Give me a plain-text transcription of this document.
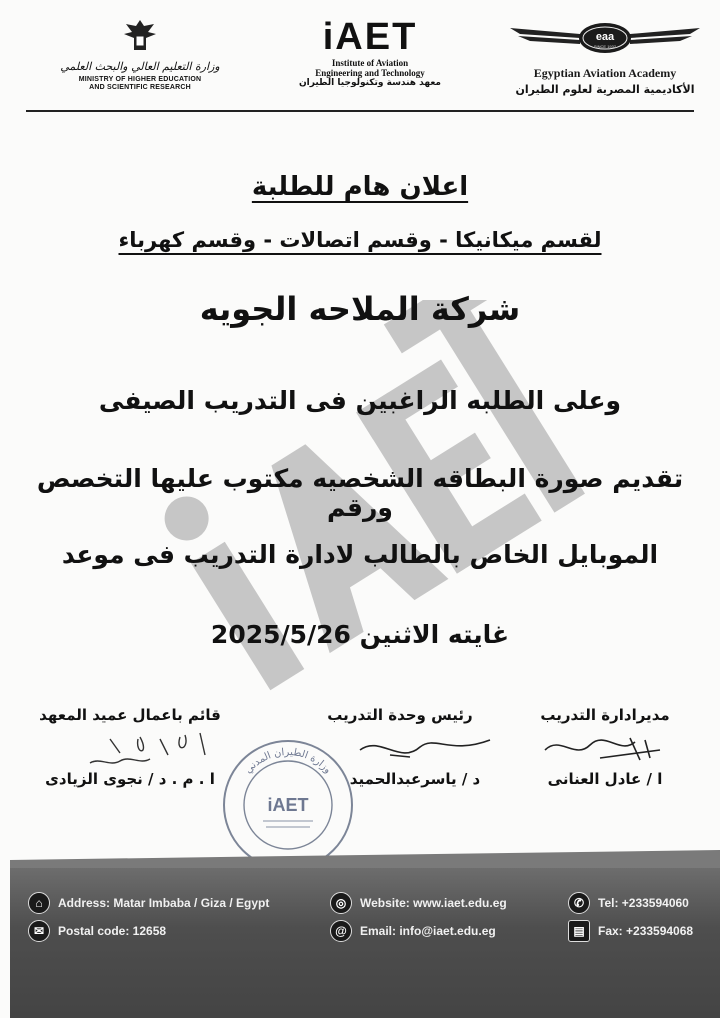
وزارة التعليم العالي والبحث العلمي
MINISTRY OF HIGHER EDUCATION
AND SCIENTIFIC RESEARCH
iAET
Institute of Aviation
Engineering and Technology
معهد هندسة وتكنولوجيا الطيران
eaa
SINCE 1932
Egyptian Aviation Academy
الأكاديمية المصرية لعلوم الطيران
اعلان هام للطلبة
لقسم ميكانيكا - وقسم اتصالات - وقسم كهرباء
شركة الملاحه الجويه
وعلى الطلبه الراغبين فى التدريب الصيفى
تقديم صورة البطاقه الشخصيه مكتوب عليها التخصص ورقم
الموبايل الخاص بالطالب لادارة التدريب فى موعد
غايته الاثنين 2025/5/26
مديرادارة التدريب
رئيس وحدة التدريب
قائم باعمال عميد المعهد
ا / عادل العنانى
د / ياسرعبدالحميد
ا . م . د / نجوى الزيادى
وزارة الطيران المدني
iAET
⌂	Address: Matar Imbaba / Giza / Egypt
✉	Postal code: 12658
◎	Website: www.iaet.edu.eg
@	Email: info@iaet.edu.eg
✆	Tel: +233594060
▤	Fax: +233594068
